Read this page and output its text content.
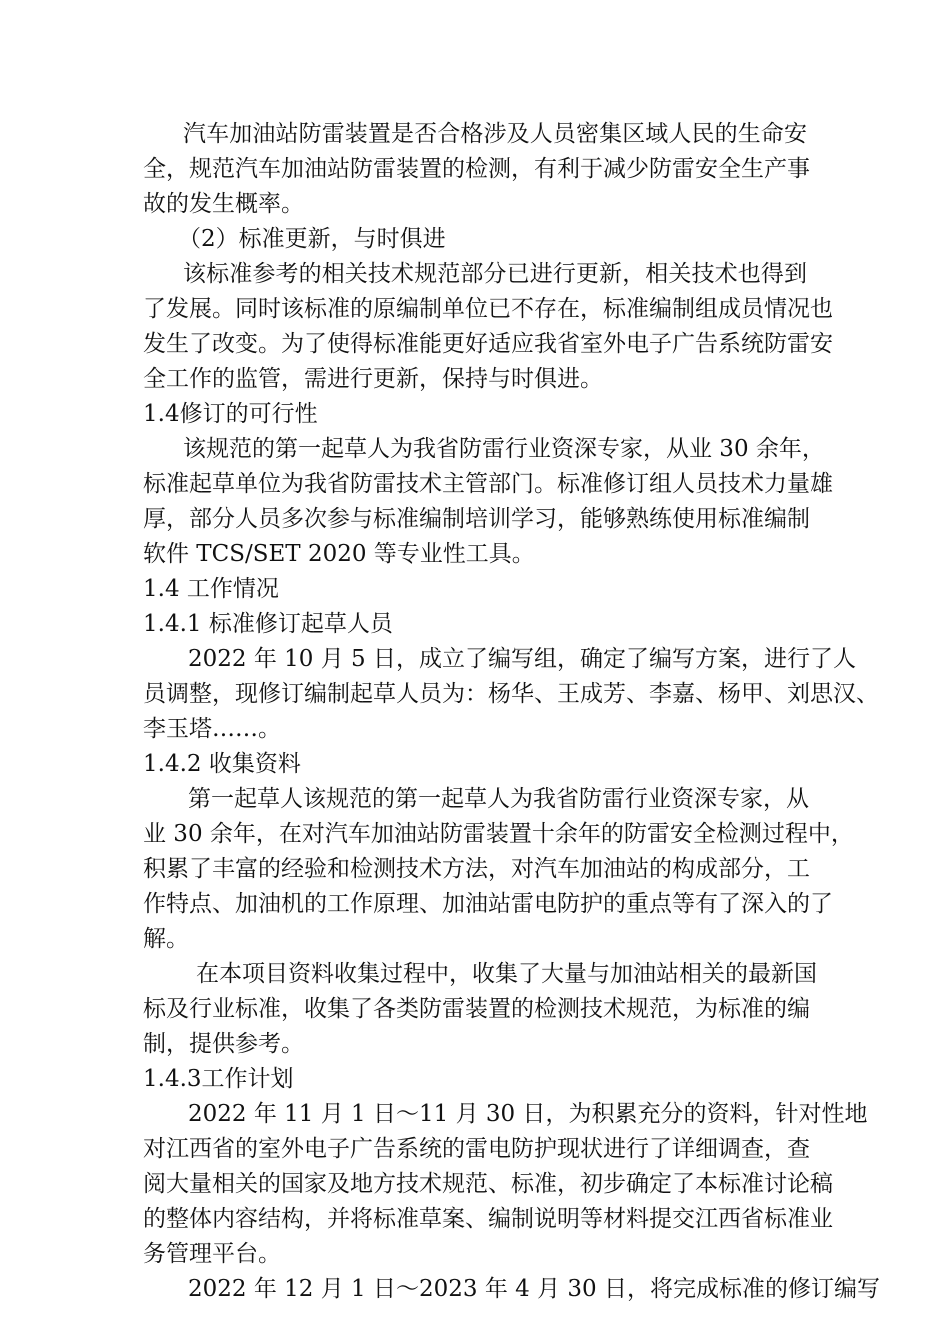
汽车加油站防雷装置是否合格涉及人员密集区域人民的生命安

全，规范汽车加油站防雷装置的检测，有利于减少防雷安全生产事

故的发生概率。

（2）标准更新，与时俱进

该标准参考的相关技术规范部分已进行更新，相关技术也得到

了发展。同时该标准的原编制单位已不存在，标准编制组成员情况也

发生了改变。为了使得标准能更好适应我省室外电子广告系统防雷安

全工作的监管，需进行更新，保持与时俱进。

1.4修订的可行性

该规范的第一起草人为我省防雷行业资深专家，从业 30 余年，

标准起草单位为我省防雷技术主管部门。标准修订组人员技术力量雄

厚，部分人员多次参与标准编制培训学习，能够熟练使用标准编制

软件 TCS/SET 2020 等专业性工具。

1.4 工作情况

1.4.1 标准修订起草人员

2022 年 10 月 5 日，成立了编写组，确定了编写方案，进行了人

员调整，现修订编制起草人员为：杨华、王成芳、李嘉、杨甲、刘思汉、

李玉塔……。

1.4.2 收集资料

第一起草人该规范的第一起草人为我省防雷行业资深专家，从

业 30 余年，在对汽车加油站防雷装置十余年的防雷安全检测过程中，

积累了丰富的经验和检测技术方法，对汽车加油站的构成部分，工

作特点、加油机的工作原理、加油站雷电防护的重点等有了深入的了

解。

在本项目资料收集过程中，收集了大量与加油站相关的最新国

标及行业标准，收集了各类防雷装置的检测技术规范，为标准的编

制，提供参考。

1.4.3工作计划

2022 年 11 月 1 日～11 月 30 日，为积累充分的资料，针对性地

对江西省的室外电子广告系统的雷电防护现状进行了详细调查，查

阅大量相关的国家及地方技术规范、标准，初步确定了本标准讨论稿

的整体内容结构，并将标准草案、编制说明等材料提交江西省标准业

务管理平台。

2022 年 12 月 1 日～2023 年 4 月 30 日，将完成标准的修订编写
